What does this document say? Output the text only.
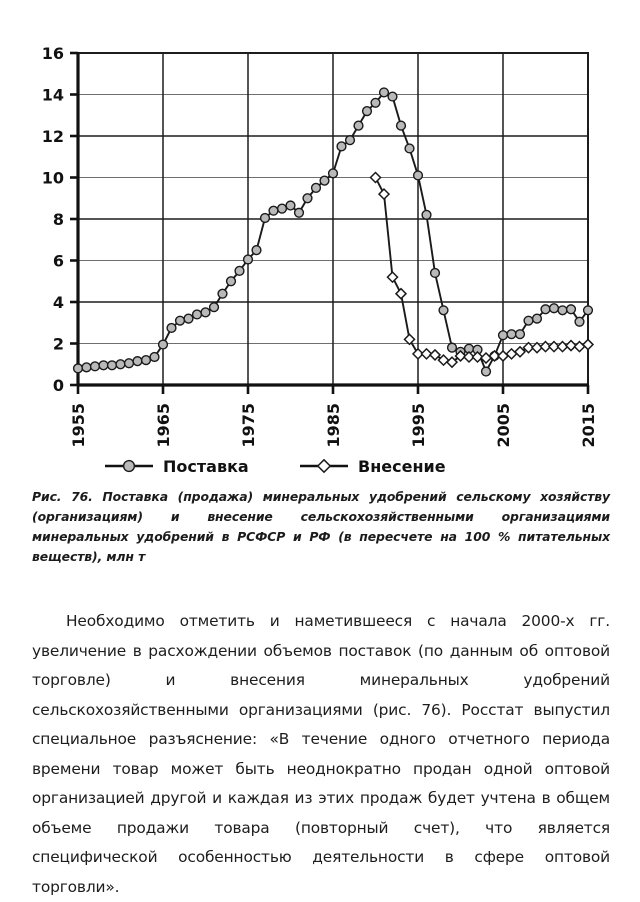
0
2
4
6
8
10
12
14
16
1955	1965	1975	1985	1995	2005	2015
Поставка	Внесение
Рис. 76. Поставка (продажа) минеральных удобрений сельскому хозяйству (организациям) и внесение сельскохозяйственными организациями минеральных удобрений в РСФСР и РФ (в пересчете на 100 % питательных веществ), млн т
Необходимо отметить и наметившееся с начала 2000-х гг. увеличение в расхождении объемов поставок (по данным об оптовой торговле) и внесения минеральных удобрений сельскохозяйственными организациями (рис. 76). Росстат выпустил специальное разъяснение: «В течение одного отчетного периода времени товар может быть неоднократно продан одной оптовой организацией другой и каждая из этих продаж будет учтена в общем объеме продажи товара (повторный счет), что является специфической особенностью деятельности в сфере оптовой торговли».
